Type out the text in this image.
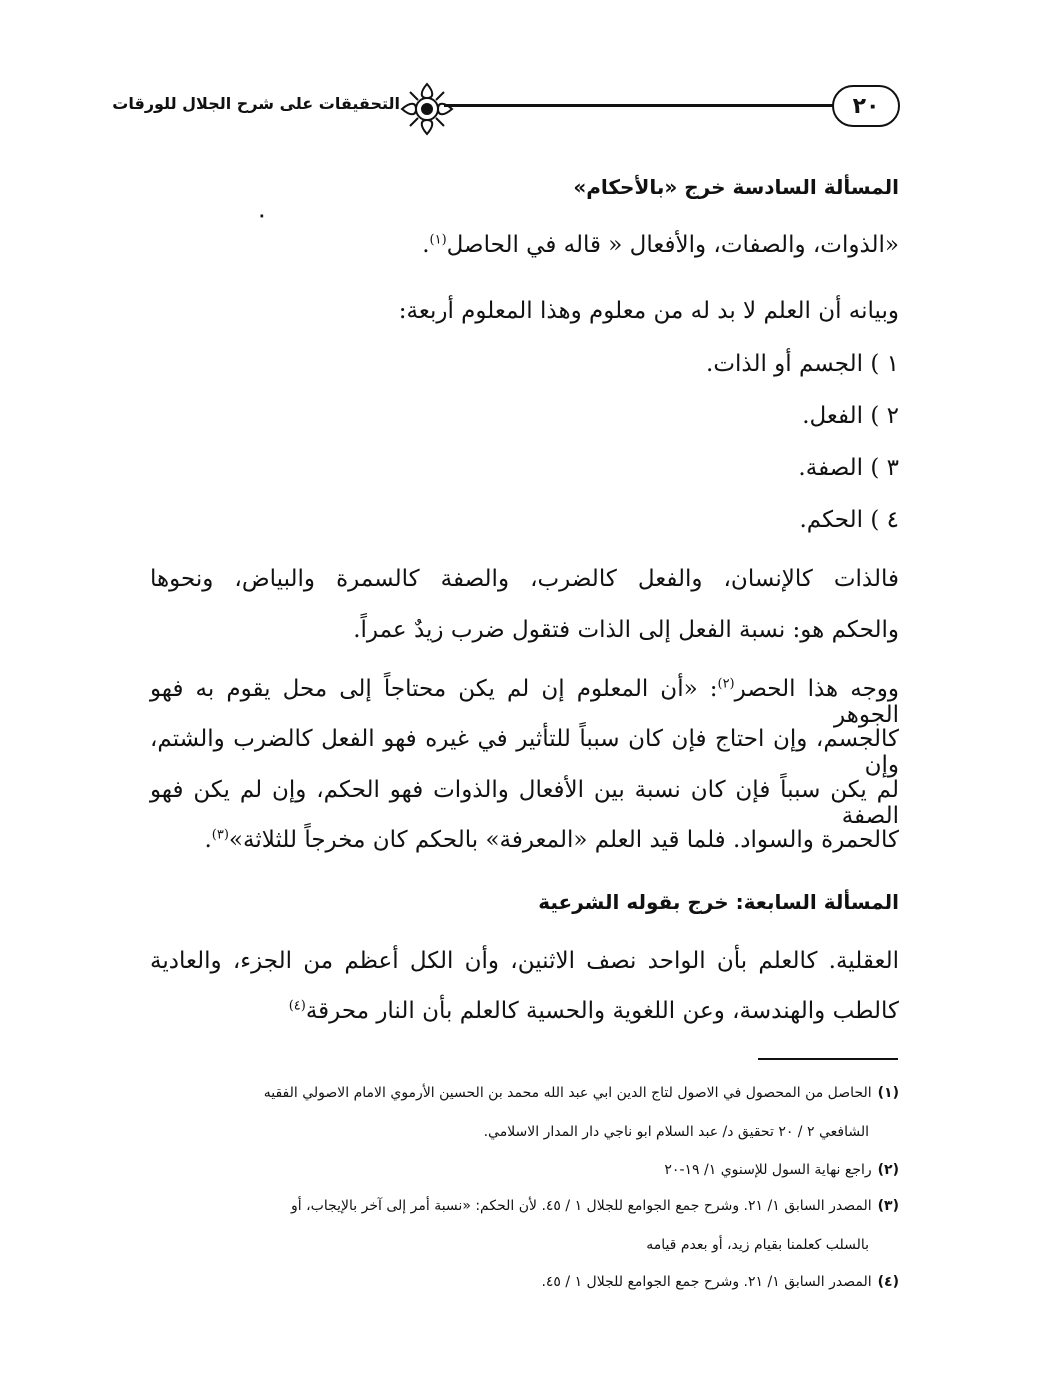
٢٠
التحقيقات على شرح الجلال للورقات
المسألة السادسة خرج «بالأحكام»
٠
«الذوات، والصفات، والأفعال « قاله في الحاصل$^{(١)}$.
وبيانه أن العلم لا بد له من معلوم وهذا المعلوم أربعة:
١ ) الجسم أو الذات.
٢ ) الفعل.
٣ ) الصفة.
٤ ) الحكم.
فالذات كالإنسان، والفعل كالضرب، والصفة كالسمرة والبياض، ونحوها
والحكم هو: نسبة الفعل إلى الذات فتقول ضرب زيدٌ عمراً.
ووجه هذا الحصر$^{(٢)}$: «أن المعلوم إن لم يكن محتاجاً إلى محل يقوم به فهو الجوهر
كالجسم، وإن احتاج فإن كان سبباً للتأثير في غيره فهو الفعل كالضرب والشتم، وإن
لم يكن سبباً فإن كان نسبة بين الأفعال والذوات فهو الحكم، وإن لم يكن فهو الصفة
كالحمرة والسواد. فلما قيد العلم «المعرفة» بالحكم كان مخرجاً للثلاثة»$^{(٣)}$.
المسألة السابعة: خرج بقوله الشرعية
العقلية. كالعلم بأن الواحد نصف الاثنين، وأن الكل أعظم من الجزء، والعادية
كالطب والهندسة، وعن اللغوية والحسية كالعلم بأن النار محرقة$^{(٤)}$
(١)الحاصل من المحصول في الاصول لتاج الدين ابي عبد الله محمد بن الحسين الأرموي الامام الاصولي الفقيه
الشافعي ٢ / ٢٠ تحقيق د/ عبد السلام ابو ناجي دار المدار الاسلامي.
(٢)راجع نهاية السول للإسنوي ١/ ١٩-٢٠
(٣)المصدر السابق ١/ ٢١. وشرح جمع الجوامع للجلال ١ / ٤٥. لأن الحكم: «نسبة أمر إلى آخر بالإيجاب، أو
بالسلب كعلمنا بقيام زيد، أو بعدم قيامه
(٤)المصدر السابق ١/ ٢١. وشرح جمع الجوامع للجلال ١ / ٤٥.
